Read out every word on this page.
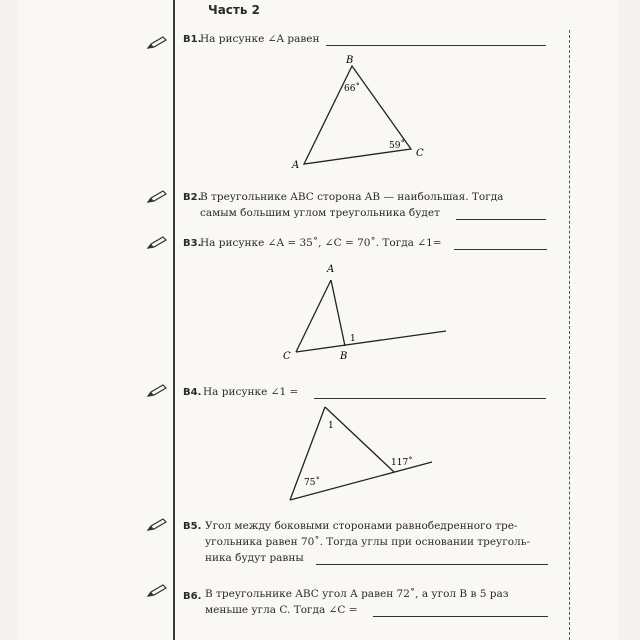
Часть 2
B1.
На рисунке ∠A равен
A
B
C
66˚
59˚
B2.
В треугольнике ABC сторона AB — наибольшая. Тогда
самым большим углом треугольника будет
B3.
На рисунке ∠A = 35˚, ∠C = 70˚. Тогда ∠1=
A
C	B
1
B4. На рисунке ∠1 =
1
75˚
117˚
B5. Угол между боковыми сторонами равнобедренного тре-
угольника равен 70˚. Тогда углы при основании треуголь-
ника будут равны
B6. В треугольнике ABC угол A равен 72˚, а угол B в 5 раз
меньше угла C. Тогда ∠C =
